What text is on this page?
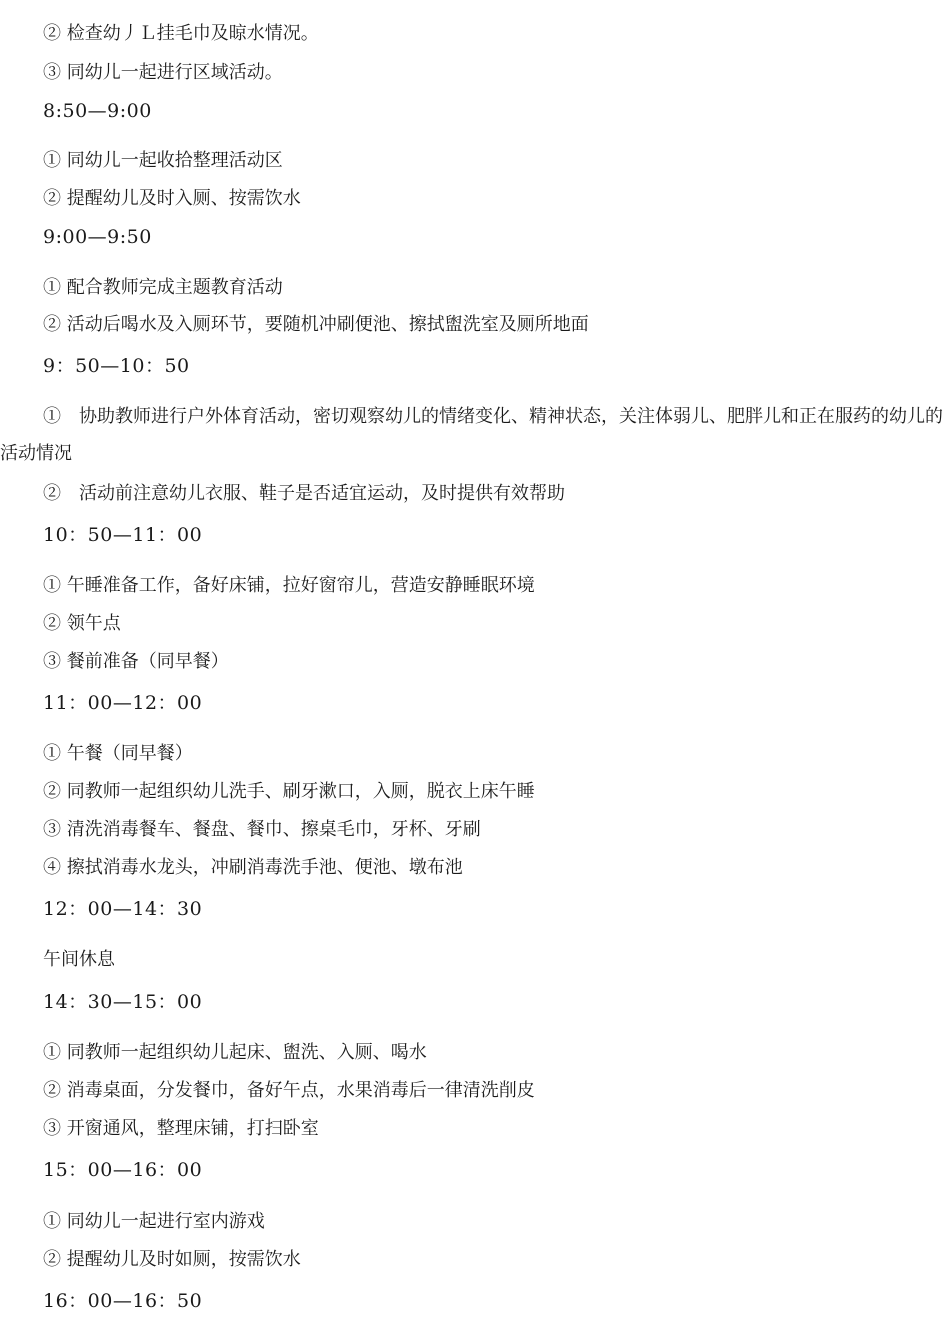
② 检查幼丿Ｌ挂毛巾及晾水情况。
③ 同幼儿一起进行区域活动。
8:50—9:00
① 同幼儿一起收拾整理活动区
② 提醒幼儿及时入厕、按需饮水
9:00—9:50
① 配合教师完成主题教育活动
② 活动后喝水及入厕环节，要随机冲刷便池、擦拭盥洗室及厕所地面
9：50—10：50
①　协助教师进行户外体育活动，密切观察幼儿的情绪变化、精神状态，关注体弱儿、肥胖儿和正在服药的幼儿的活动情况
②　活动前注意幼儿衣服、鞋子是否适宜运动，及时提供有效帮助
10：50—11：00
① 午睡准备工作，备好床铺，拉好窗帘儿，营造安静睡眠环境
② 领午点
③ 餐前准备（同早餐）
11：00—12：00
① 午餐（同早餐）
② 同教师一起组织幼儿洗手、刷牙漱口，入厕，脱衣上床午睡
③ 清洗消毒餐车、餐盘、餐巾、擦桌毛巾，牙杯、牙刷
④ 擦拭消毒水龙头，冲刷消毒洗手池、便池、墩布池
12：00—14：30
午间休息
14：30—15：00
① 同教师一起组织幼儿起床、盥洗、入厕、喝水
② 消毒桌面，分发餐巾，备好午点，水果消毒后一律清洗削皮
③ 开窗通风，整理床铺，打扫卧室
15：00—16：00
① 同幼儿一起进行室内游戏
② 提醒幼儿及时如厕，按需饮水
16：00—16：50
